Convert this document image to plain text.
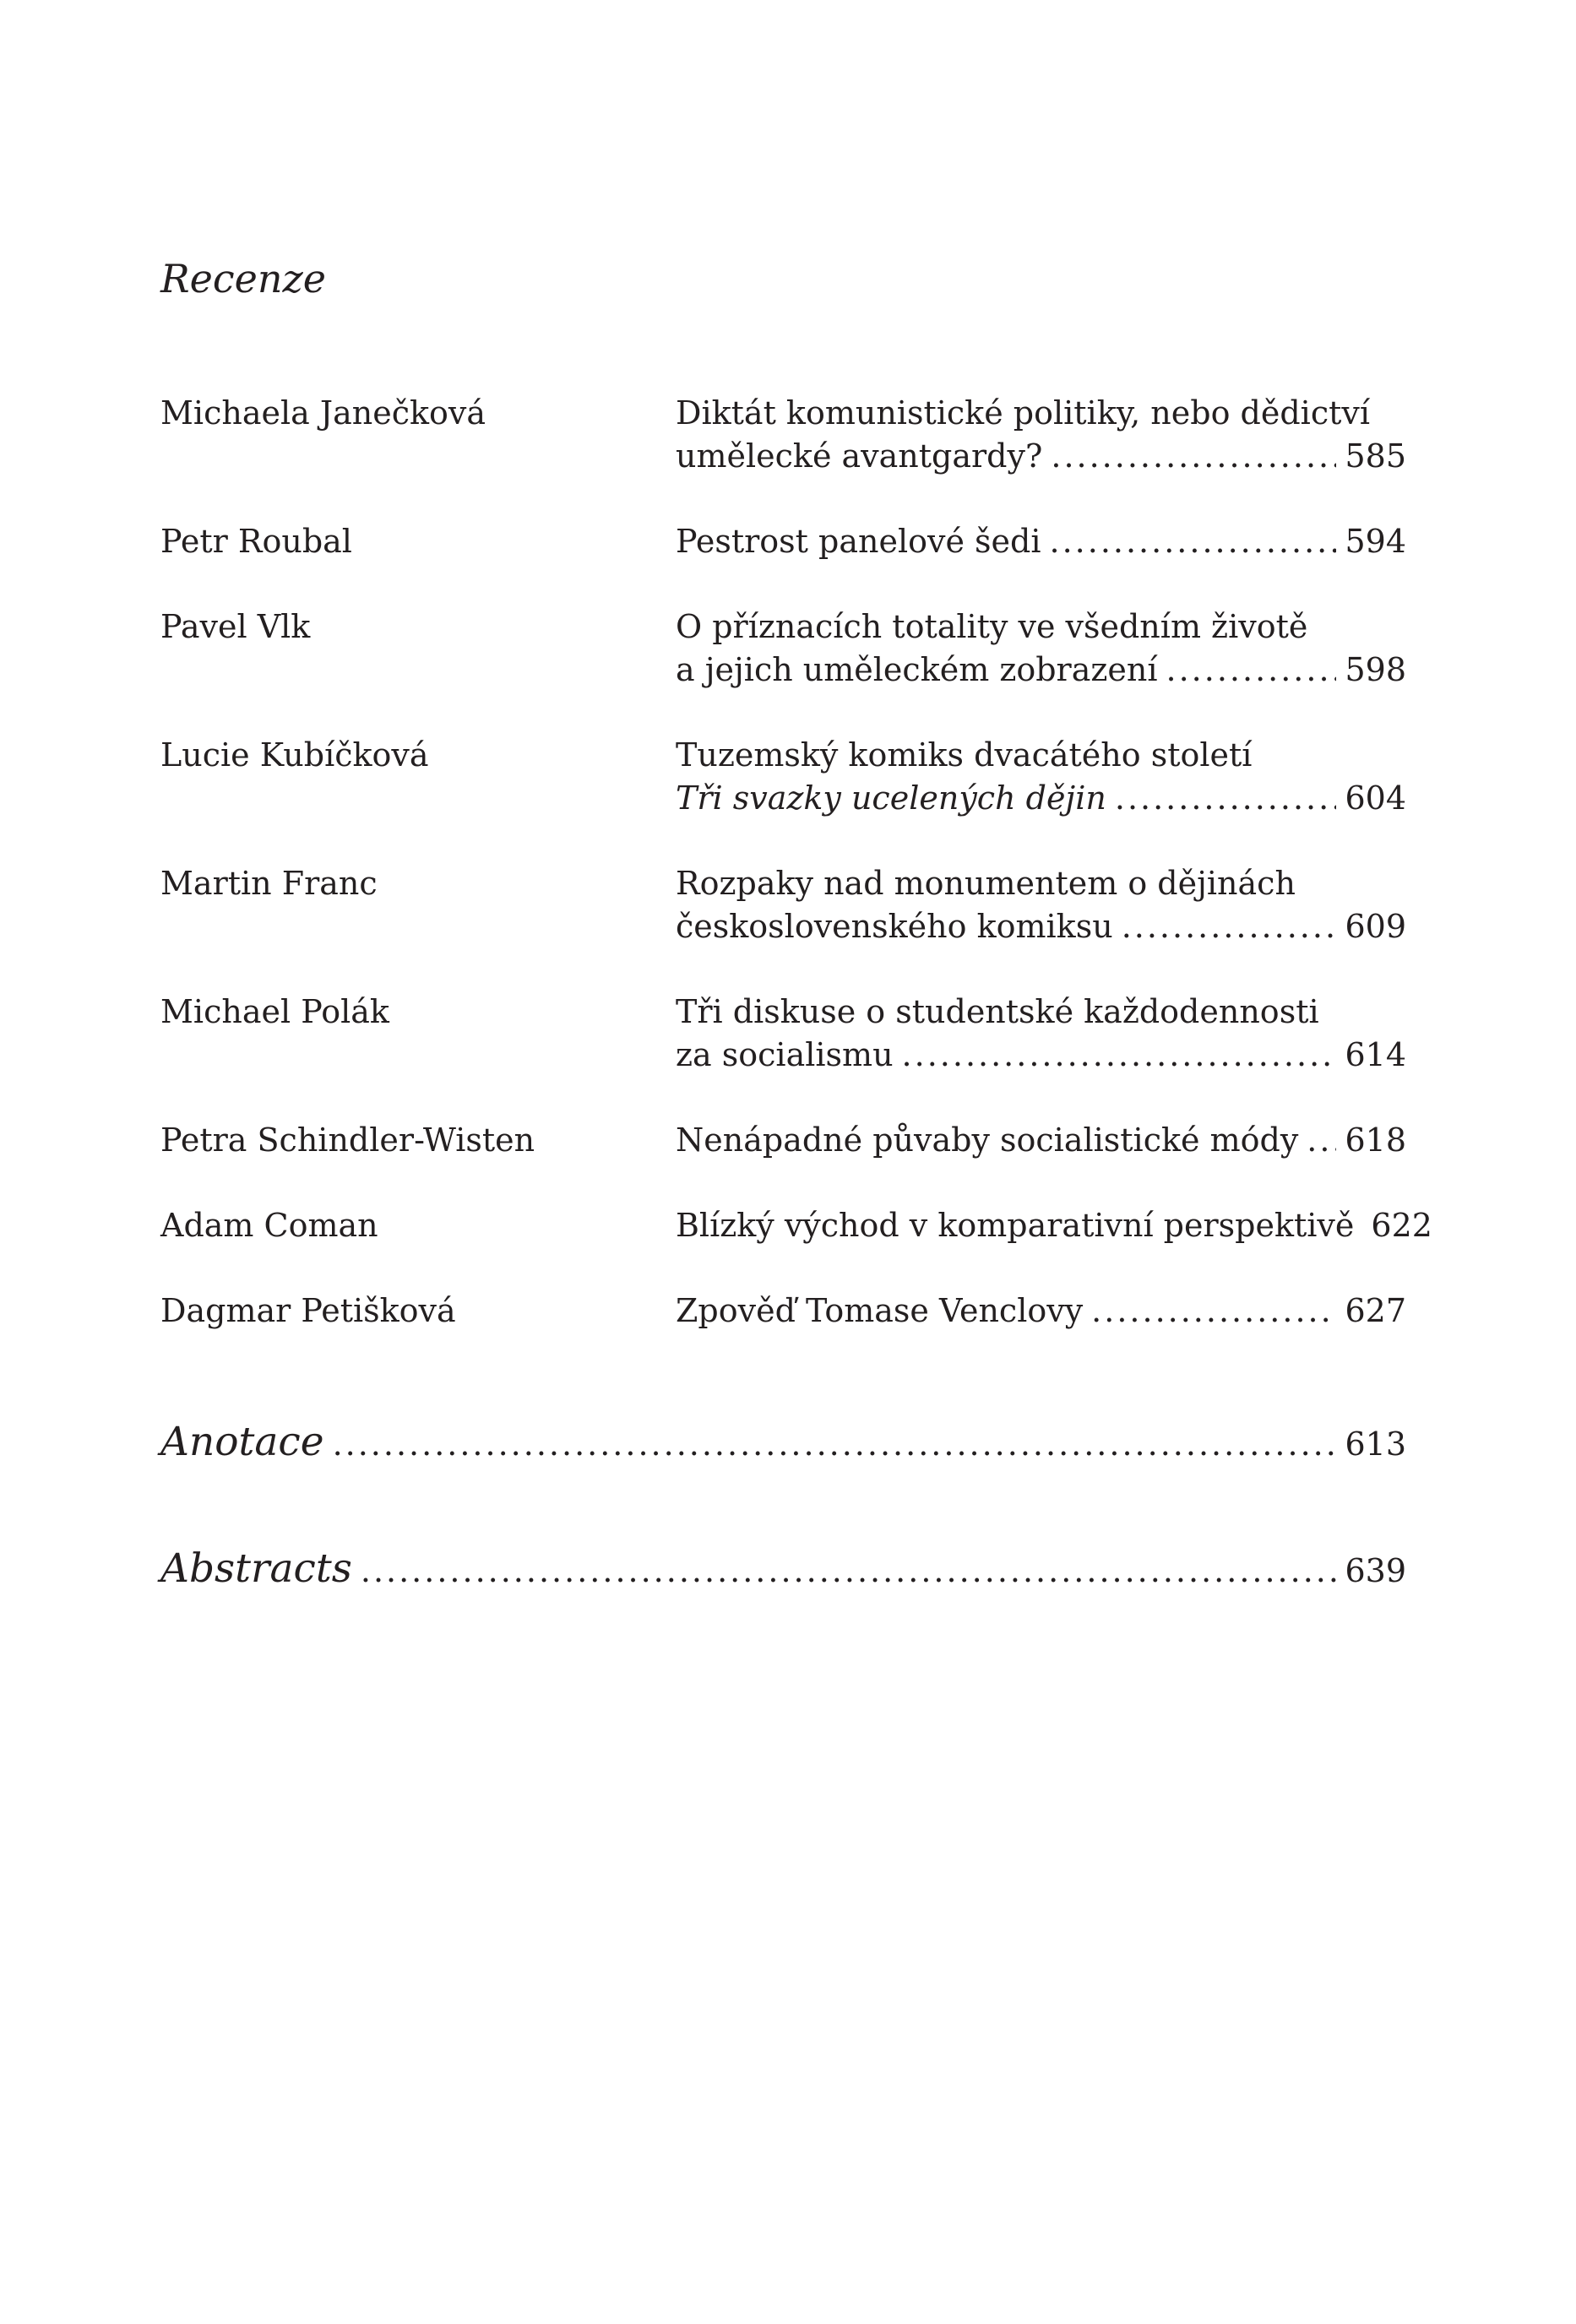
Recenze
Michaela Janečková	Diktát komunistické politiky, nebo dědictví
umělecké avantgardy? .....	585
Petr Roubal	Pestrost panelové šedi .....	594
Pavel Vlk	O příznacích totality ve všedním životě
a jejich uměleckém zobrazení .....	598
Lucie Kubíčková	Tuzemský komiks dvacátého století
Tři svazky ucelených dějin .....	604
Martin Franc	Rozpaky nad monumentem o dějinách
československého komiksu .....	609
Michael Polák	Tři diskuse o studentské každodennosti
za socialismu .....	614
Petra Schindler-Wisten	Nenápadné půvaby socialistické módy ..... 618
Adam Coman	Blízký východ v komparativní perspektivě 622
Dagmar Petišková	Zpověď Tomase Venclovy .....	627
Anotace .....	613
Abstracts .....	639
